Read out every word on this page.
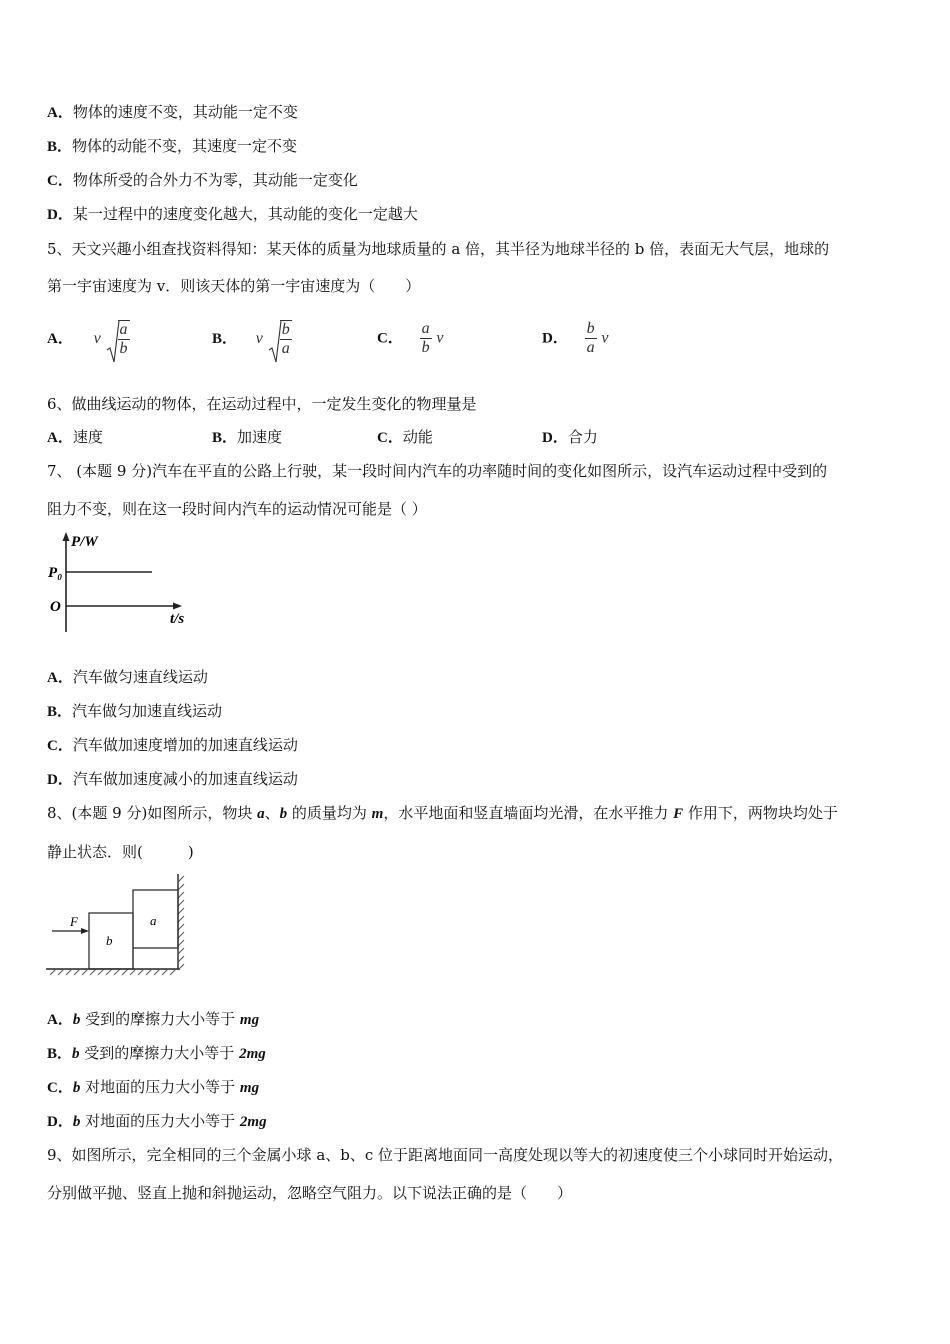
A．物体的速度不变，其动能一定不变
B．物体的动能不变，其速度一定不变
C．物体所受的合外力不为零，其动能一定变化
D．某一过程中的速度变化越大，其动能的变化一定越大
5、天文兴趣小组查找资料得知：某天体的质量为地球质量的 a 倍，其半径为地球半径的 b 倍，表面无大气层，地球的
第一宇宙速度为 v．则该天体的第一宇宙速度为（　　）
A． v $\frac{a}{b}$	B． v $\frac{b}{a}$	C． $\frac{a}{b}$ v	D． $\frac{b}{a}$ v
6、做曲线运动的物体，在运动过程中，一定发生变化的物理量是
A．速度	B．加速度	C．动能	D．合力
7、 (本题 9 分)汽车在平直的公路上行驶，某一段时间内汽车的功率随时间的变化如图所示，设汽车运动过程中受到的
阻力不变，则在这一段时间内汽车的运动情况可能是（ ）
P/W
P₀
O
t/s
A．汽车做匀速直线运动
B．汽车做匀加速直线运动
C．汽车做加速度增加的加速直线运动
D．汽车做加速度减小的加速直线运动
8、(本题 9 分)如图所示，物块 a、b 的质量均为 m，水平地面和竖直墙面均光滑，在水平推力 F 作用下，两物块均处于
静止状态．则(　　　)
b
a
F
A．b 受到的摩擦力大小等于 mg
B．b 受到的摩擦力大小等于 2mg
C．b 对地面的压力大小等于 mg
D．b 对地面的压力大小等于 2mg
9、如图所示，完全相同的三个金属小球 a、b、c 位于距离地面同一高度处现以等大的初速度使三个小球同时开始运动，
分别做平抛、竖直上抛和斜抛运动，忽略空气阻力。以下说法正确的是（　　）
